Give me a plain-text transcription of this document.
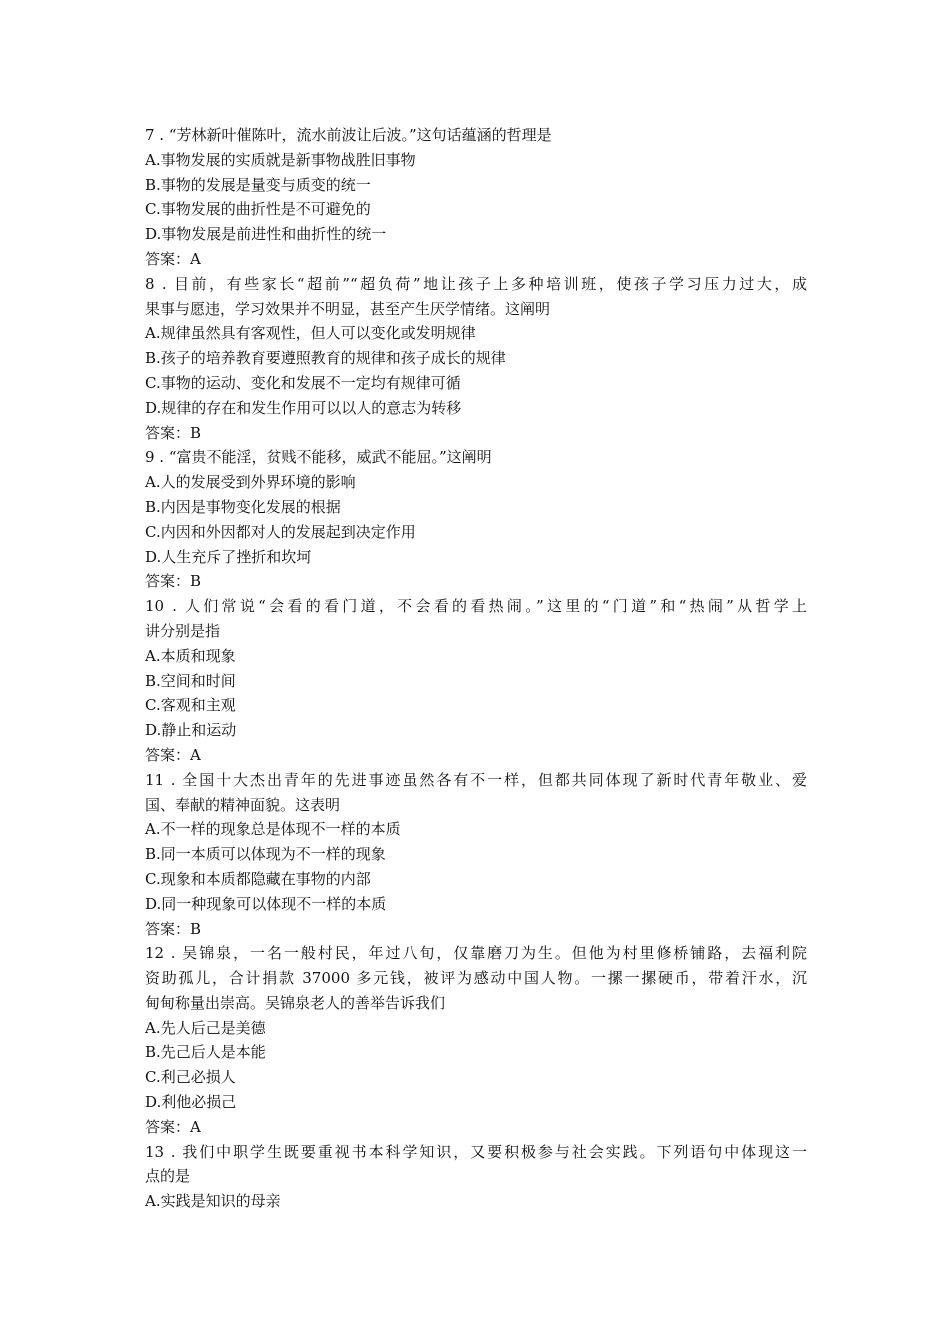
7 . “芳林新叶催陈叶，流水前波让后波。”这句话蕴涵的哲理是
A.事物发展的实质就是新事物战胜旧事物
B.事物的发展是量变与质变的统一
C.事物发展的曲折性是不可避免的
D.事物发展是前进性和曲折性的统一
答案：A
8 . 目前，有些家长“超前”“超负荷”地让孩子上多种培训班，使孩子学习压力过大，成
果事与愿违，学习效果并不明显，甚至产生厌学情绪。这阐明
A.规律虽然具有客观性，但人可以变化或发明规律
B.孩子的培养教育要遵照教育的规律和孩子成长的规律
C.事物的运动、变化和发展不一定均有规律可循
D.规律的存在和发生作用可以以人的意志为转移
答案：B
9 . “富贵不能淫，贫贱不能移，威武不能屈。”这阐明
A.人的发展受到外界环境的影响
B.内因是事物变化发展的根据
C.内因和外因都对人的发展起到决定作用
D.人生充斥了挫折和坎坷
答案：B
10 . 人们常说“会看的看门道，不会看的看热闹。”这里的“门道”和“热闹”从哲学上
讲分别是指
A.本质和现象
B.空间和时间
C.客观和主观
D.静止和运动
答案：A
11 . 全国十大杰出青年的先进事迹虽然各有不一样，但都共同体现了新时代青年敬业、爱
国、奉献的精神面貌。这表明
A.不一样的现象总是体现不一样的本质
B.同一本质可以体现为不一样的现象
C.现象和本质都隐藏在事物的内部
D.同一种现象可以体现不一样的本质
答案：B
12 . 吴锦泉，一名一般村民，年过八旬，仅靠磨刀为生。但他为村里修桥铺路，去福利院
资助孤儿，合计捐款 37000 多元钱，被评为感动中国人物。一摞一摞硬币，带着汗水，沉
甸甸称量出崇高。吴锦泉老人的善举告诉我们
A.先人后己是美德
B.先己后人是本能
C.利己必损人
D.利他必损己
答案：A
13 . 我们中职学生既要重视书本科学知识，又要积极参与社会实践。下列语句中体现这一
点的是
A.实践是知识的母亲
